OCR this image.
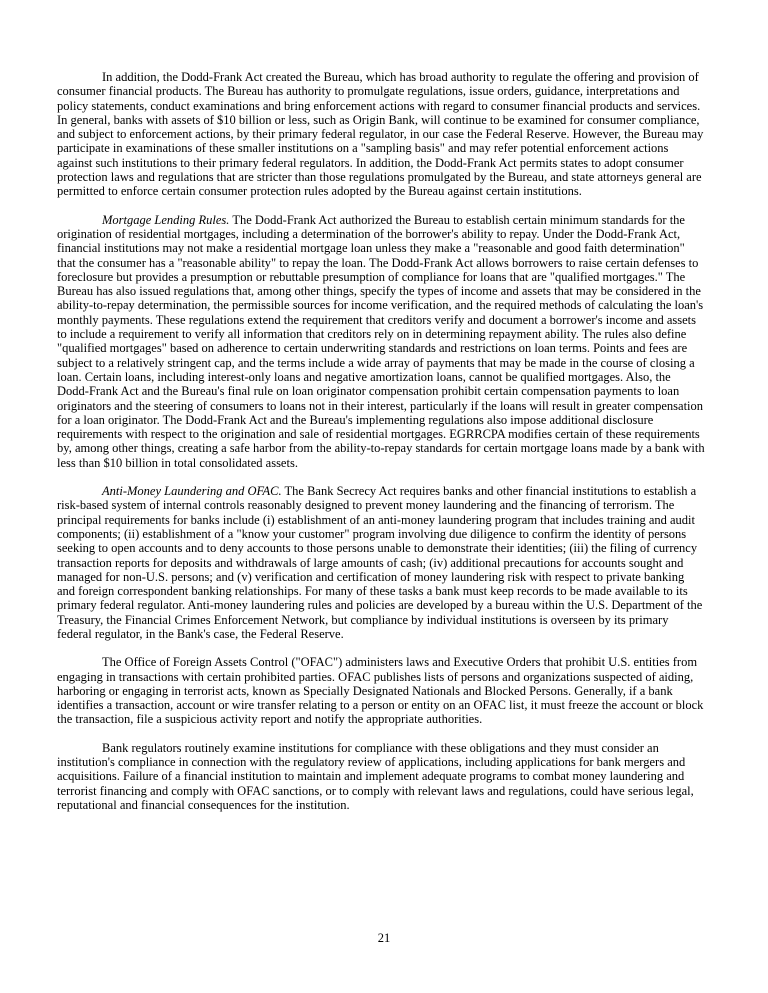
In addition, the Dodd-Frank Act created the Bureau, which has broad authority to regulate the offering and provision of consumer financial products. The Bureau has authority to promulgate regulations, issue orders, guidance, interpretations and policy statements, conduct examinations and bring enforcement actions with regard to consumer financial products and services. In general, banks with assets of $10 billion or less, such as Origin Bank, will continue to be examined for consumer compliance, and subject to enforcement actions, by their primary federal regulator, in our case the Federal Reserve. However, the Bureau may participate in examinations of these smaller institutions on a "sampling basis" and may refer potential enforcement actions against such institutions to their primary federal regulators. In addition, the Dodd-Frank Act permits states to adopt consumer protection laws and regulations that are stricter than those regulations promulgated by the Bureau, and state attorneys general are permitted to enforce certain consumer protection rules adopted by the Bureau against certain institutions.

Mortgage Lending Rules. The Dodd-Frank Act authorized the Bureau to establish certain minimum standards for the origination of residential mortgages, including a determination of the borrower's ability to repay. Under the Dodd-Frank Act, financial institutions may not make a residential mortgage loan unless they make a "reasonable and good faith determination" that the consumer has a "reasonable ability" to repay the loan. The Dodd-Frank Act allows borrowers to raise certain defenses to foreclosure but provides a presumption or rebuttable presumption of compliance for loans that are "qualified mortgages." The Bureau has also issued regulations that, among other things, specify the types of income and assets that may be considered in the ability-to-repay determination, the permissible sources for income verification, and the required methods of calculating the loan's monthly payments. These regulations extend the requirement that creditors verify and document a borrower's income and assets to include a requirement to verify all information that creditors rely on in determining repayment ability. The rules also define "qualified mortgages" based on adherence to certain underwriting standards and restrictions on loan terms. Points and fees are subject to a relatively stringent cap, and the terms include a wide array of payments that may be made in the course of closing a loan. Certain loans, including interest-only loans and negative amortization loans, cannot be qualified mortgages. Also, the Dodd-Frank Act and the Bureau's final rule on loan originator compensation prohibit certain compensation payments to loan originators and the steering of consumers to loans not in their interest, particularly if the loans will result in greater compensation for a loan originator. The Dodd-Frank Act and the Bureau's implementing regulations also impose additional disclosure requirements with respect to the origination and sale of residential mortgages. EGRRCPA modifies certain of these requirements by, among other things, creating a safe harbor from the ability-to-repay standards for certain mortgage loans made by a bank with less than $10 billion in total consolidated assets.

Anti-Money Laundering and OFAC. The Bank Secrecy Act requires banks and other financial institutions to establish a risk-based system of internal controls reasonably designed to prevent money laundering and the financing of terrorism. The principal requirements for banks include (i) establishment of an anti-money laundering program that includes training and audit components; (ii) establishment of a "know your customer" program involving due diligence to confirm the identity of persons seeking to open accounts and to deny accounts to those persons unable to demonstrate their identities; (iii) the filing of currency transaction reports for deposits and withdrawals of large amounts of cash; (iv) additional precautions for accounts sought and managed for non-U.S. persons; and (v) verification and certification of money laundering risk with respect to private banking and foreign correspondent banking relationships. For many of these tasks a bank must keep records to be made available to its primary federal regulator. Anti-money laundering rules and policies are developed by a bureau within the U.S. Department of the Treasury, the Financial Crimes Enforcement Network, but compliance by individual institutions is overseen by its primary federal regulator, in the Bank's case, the Federal Reserve.

The Office of Foreign Assets Control ("OFAC") administers laws and Executive Orders that prohibit U.S. entities from engaging in transactions with certain prohibited parties. OFAC publishes lists of persons and organizations suspected of aiding, harboring or engaging in terrorist acts, known as Specially Designated Nationals and Blocked Persons. Generally, if a bank identifies a transaction, account or wire transfer relating to a person or entity on an OFAC list, it must freeze the account or block the transaction, file a suspicious activity report and notify the appropriate authorities.

Bank regulators routinely examine institutions for compliance with these obligations and they must consider an institution's compliance in connection with the regulatory review of applications, including applications for bank mergers and acquisitions. Failure of a financial institution to maintain and implement adequate programs to combat money laundering and terrorist financing and comply with OFAC sanctions, or to comply with relevant laws and regulations, could have serious legal, reputational and financial consequences for the institution.

21
